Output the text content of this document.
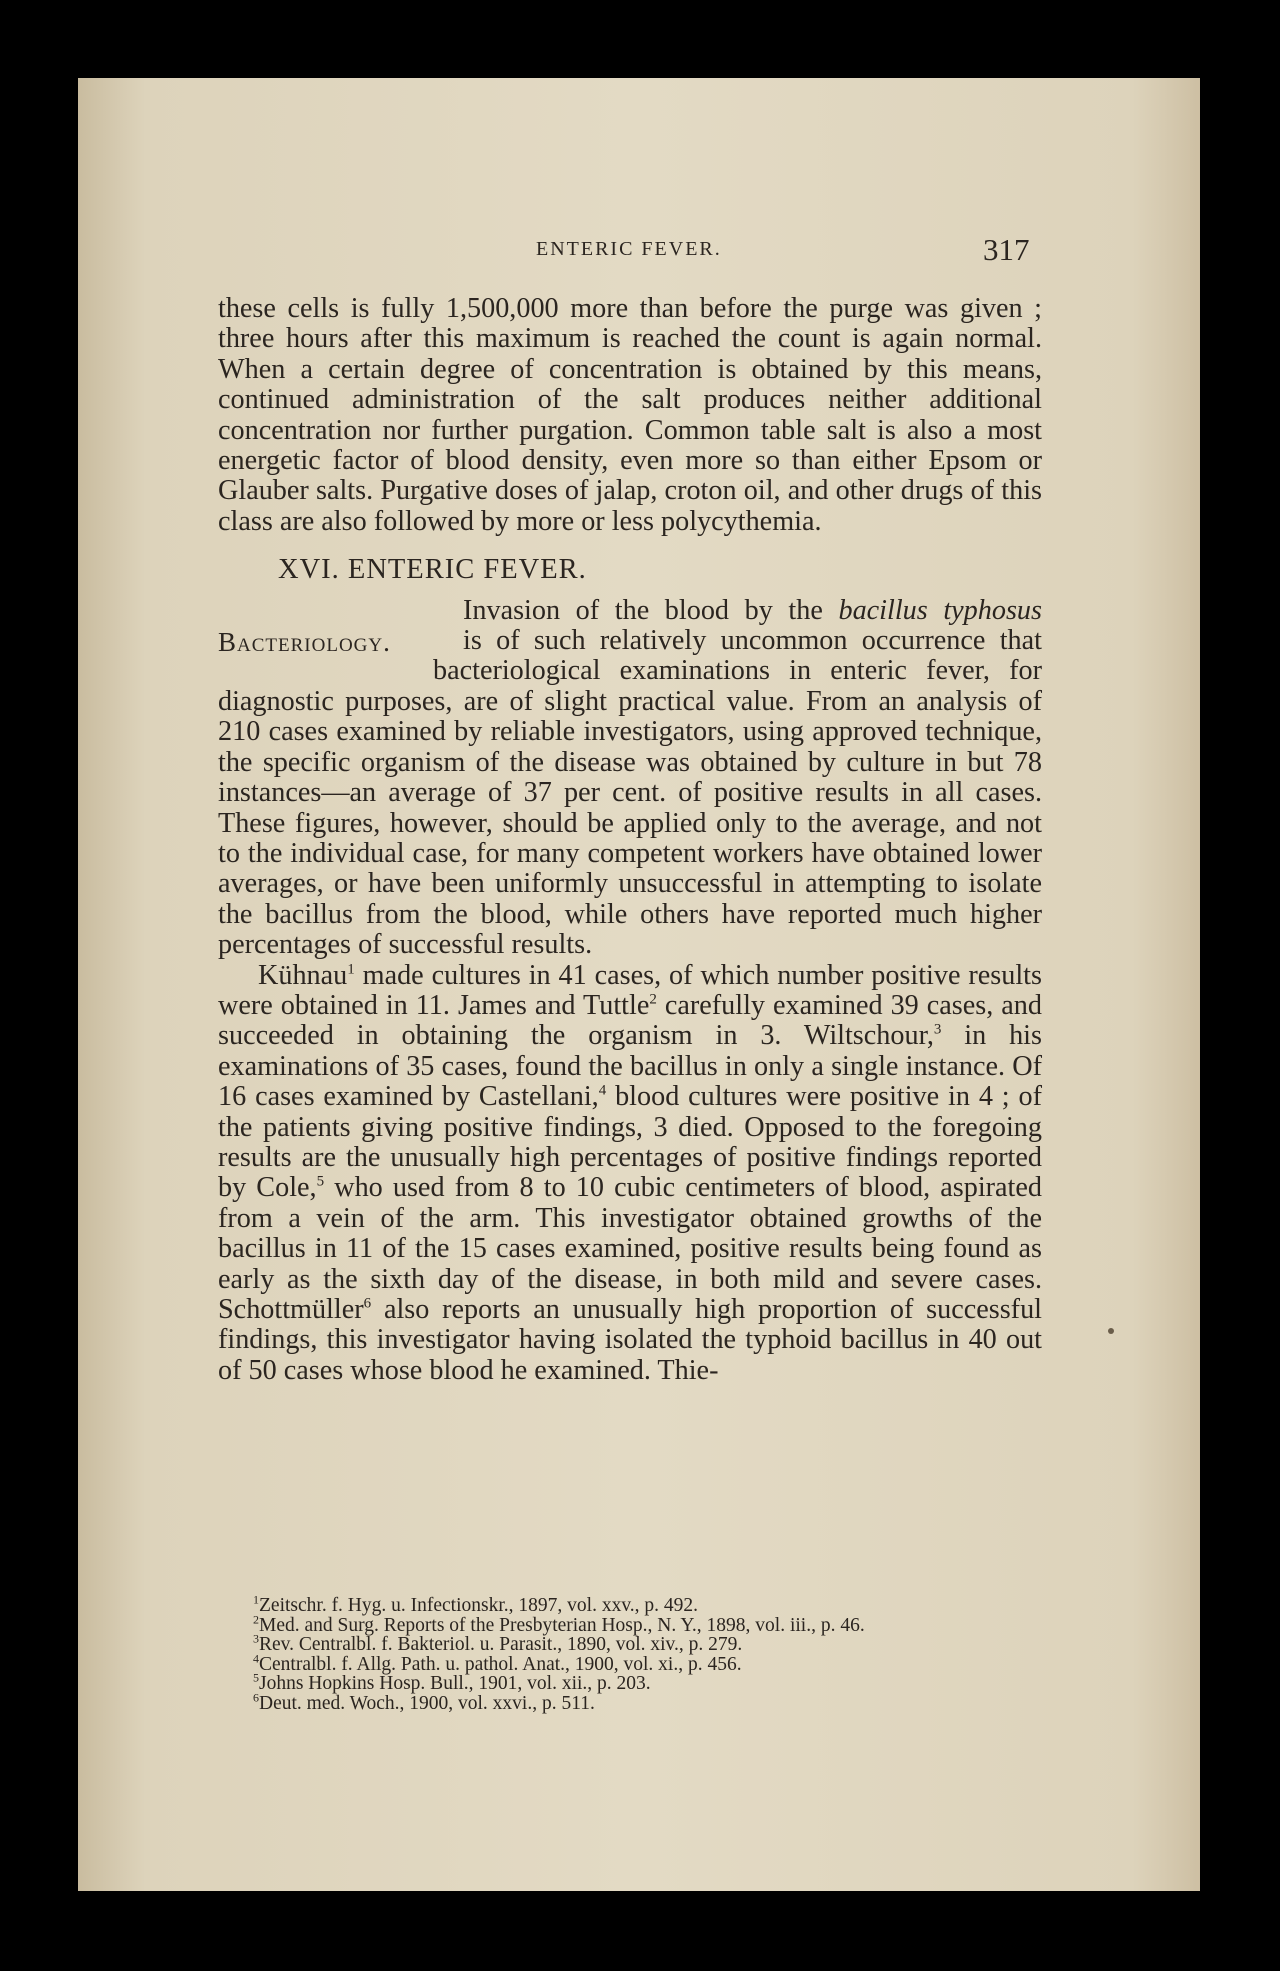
ENTERIC FEVER.	317

these cells is fully 1,500,000 more than before the purge was given ; three hours after this maximum is reached the count is again normal. When a certain degree of concentration is obtained by this means, continued administration of the salt produces neither additional concentration nor further purgation. Common table salt is also a most energetic factor of blood density, even more so than either Epsom or Glauber salts. Purgative doses of jalap, croton oil, and other drugs of this class are also followed by more or less polycythemia.

XVI. ENTERIC FEVER.

Bacteriology.

Invasion of the blood by the bacillus typhosus

is of such relatively uncommon occurrence that

bacteriological examinations in enteric fever, for

diagnostic purposes, are of slight practical value. From an analysis of 210 cases examined by reliable investigators, using approved technique, the specific organism of the disease was obtained by culture in but 78 instances—an average of 37 per cent. of positive results in all cases. These figures, however, should be applied only to the average, and not to the individual case, for many competent workers have obtained lower averages, or have been uniformly unsuccessful in attempting to isolate the bacillus from the blood, while others have reported much higher percentages of successful results.

Kühnau$^1$ made cultures in 41 cases, of which number positive results were obtained in 11. James and Tuttle$^2$ carefully examined 39 cases, and succeeded in obtaining the organism in 3. Wiltschour,$^3$ in his examinations of 35 cases, found the bacillus in only a single instance. Of 16 cases examined by Castellani,$^4$ blood cultures were positive in 4 ; of the patients giving positive findings, 3 died. Opposed to the foregoing results are the unusually high percentages of positive findings reported by Cole,$^5$ who used from 8 to 10 cubic centimeters of blood, aspirated from a vein of the arm. This investigator obtained growths of the bacillus in 11 of the 15 cases examined, positive results being found as early as the sixth day of the disease, in both mild and severe cases. Schottmüller$^6$ also reports an unusually high proportion of successful findings, this investigator having isolated the typhoid bacillus in 40 out of 50 cases whose blood he examined. Thie-

$^1$Zeitschr. f. Hyg. u. Infectionskr., 1897, vol. xxv., p. 492.
$^2$Med. and Surg. Reports of the Presbyterian Hosp., N. Y., 1898, vol. iii., p. 46.
$^3$Rev. Centralbl. f. Bakteriol. u. Parasit., 1890, vol. xiv., p. 279.
$^4$Centralbl. f. Allg. Path. u. pathol. Anat., 1900, vol. xi., p. 456.
$^5$Johns Hopkins Hosp. Bull., 1901, vol. xii., p. 203.
$^6$Deut. med. Woch., 1900, vol. xxvi., p. 511.
